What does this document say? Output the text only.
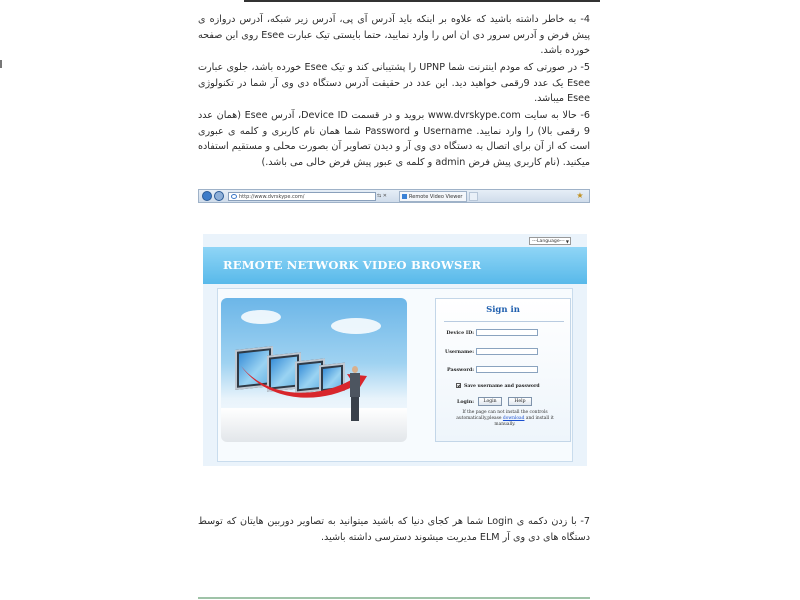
4- به خاطر داشته باشید که علاوه بر اینکه باید آدرس آی پی، آدرس زیر شبکه، آدرس دروازه ی پیش فرض و آدرس سرور دی ان اس را وارد نمایید، حتما بایستی تیک عبارت Esee روی این صفحه خورده باشد.

5- در صورتی که مودم اینترنت شما UPNP را پشتیبانی کند و تیک Esee خورده باشد، جلوی عبارت Esee یک عدد 9رقمی خواهید دید. این عدد در حقیقت آدرس دستگاه دی وی آر شما در تکنولوژی Esee میباشد.

6- حالا به سایت www.dvrskype.com بروید و در قسمت Device ID، آدرس Esee (همان عدد 9 رقمی بالا) را وارد نمایید. Username و Password شما همان نام کاربری و کلمه ی عبوری است که از آن برای اتصال به دستگاه دی وی آر و دیدن تصاویر آن بصورت محلی و مستقیم استفاده میکنید. (نام کاربری پیش فرض admin و کلمه ی عبور پیش فرض خالی می باشد.)

http://www.dvrskype.com/	⇆ ✕	Remote Video Viewer	★
---Language--- ▼
REMOTE NETWORK VIDEO BROWSER
Sign in
Device ID:
Username:
Password:
Save username and password
Login:	Login	Help
If the page can not install the controls automatically,please download and install it manually.

7- با زدن دکمه ی Login شما هر کجای دنیا که باشید میتوانید به تصاویر دوربین هایتان که توسط دستگاه های دی وی آر ELM مدیریت میشوند دسترسی داشته باشید.
